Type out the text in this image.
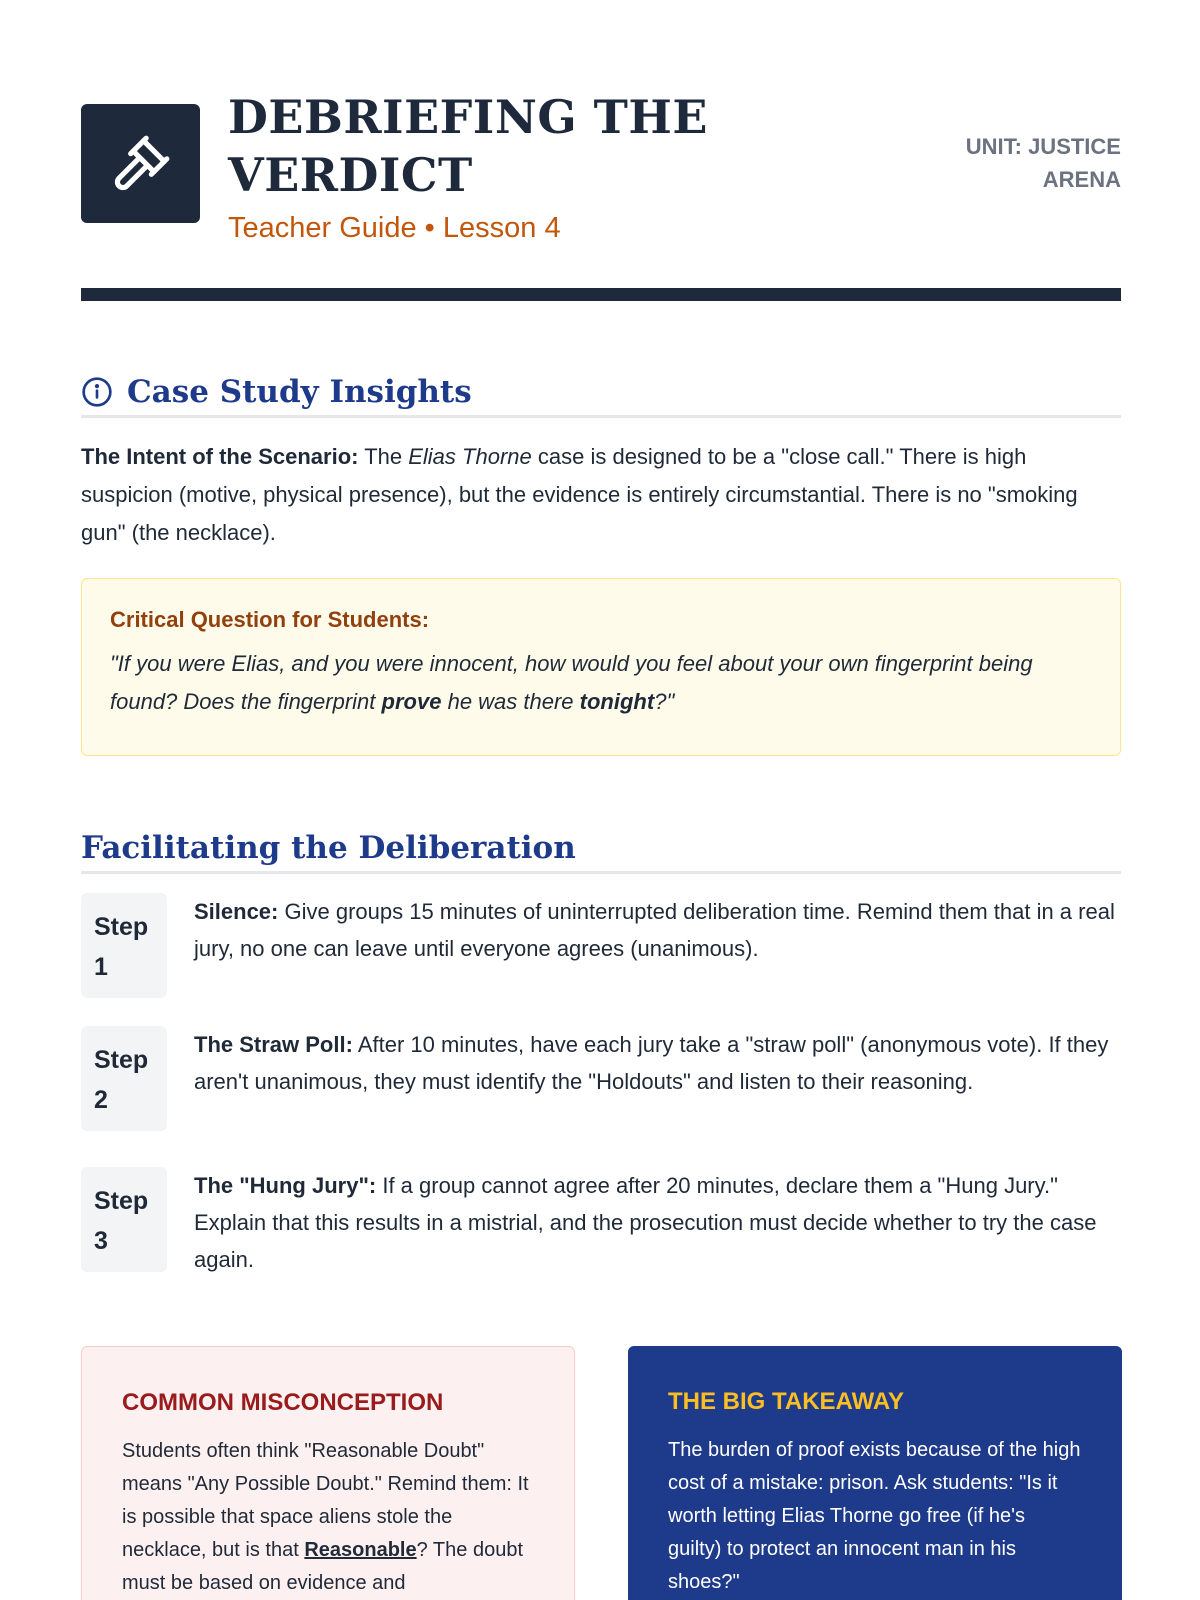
DEBRIEFING THE VERDICT
Teacher Guide • Lesson 4
UNIT: JUSTICE ARENA
Case Study Insights
The Intent of the Scenario: The Elias Thorne case is designed to be a "close call." There is high suspicion (motive, physical presence), but the evidence is entirely circumstantial. There is no "smoking gun" (the necklace).
Critical Question for Students:
"If you were Elias, and you were innocent, how would you feel about your own fingerprint being found? Does the fingerprint prove he was there tonight?"
Facilitating the Deliberation
Step 1
Silence: Give groups 15 minutes of uninterrupted deliberation time. Remind them that in a real jury, no one can leave until everyone agrees (unanimous).
Step 2
The Straw Poll: After 10 minutes, have each jury take a "straw poll" (anonymous vote). If they aren't unanimous, they must identify the "Holdouts" and listen to their reasoning.
Step 3
The "Hung Jury": If a group cannot agree after 20 minutes, declare them a "Hung Jury." Explain that this results in a mistrial, and the prosecution must decide whether to try the case again.
COMMON MISCONCEPTION

Students often think "Reasonable Doubt" means "Any Possible Doubt." Remind them: It is possible that space aliens stole the necklace, but is that Reasonable? The doubt must be based on evidence and

THE BIG TAKEAWAY

The burden of proof exists because of the high cost of a mistake: prison. Ask students: "Is it worth letting Elias Thorne go free (if he's guilty) to protect an innocent man in his shoes?"
